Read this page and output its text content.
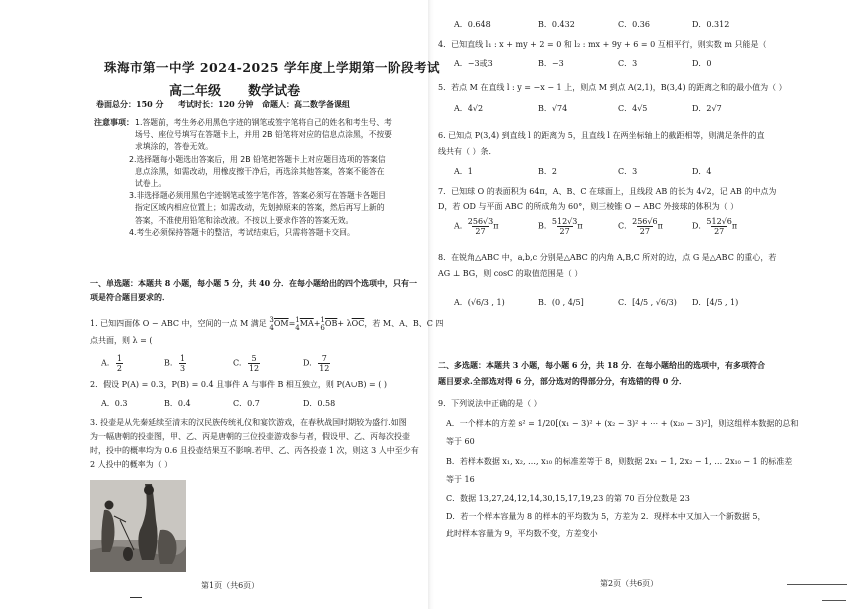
珠海市第一中学 2024-2025 学年度上学期第一阶段考试
高二年级      数学试卷
卷面总分：150 分 考试时长：120 分钟 命题人：高二数学备课组
注意事项： 1.答题前，考生务必用黑色字迹的钢笔或签字笔将自己的姓名和考生号、考

场号、座位号填写在答题卡上，并用 2B 铅笔将对应的信息点涂黑，不按要

求填涂的，答卷无效。

2.选择题每小题选出答案后，用 2B 铅笔把答题卡上对应题目选项的答案信

息点涂黑，如需改动，用橡皮擦干净后，再选涂其他答案，答案不能答在

试卷上。

3.非选择题必须用黑色字迹钢笔或签字笔作答，答案必须写在答题卡各题目

指定区域内相应位置上；如需改动，先划掉原来的答案，然后再写上新的

答案，不准使用铅笔和涂改液。不按以上要求作答的答案无效。

4.考生必须保持答题卡的整洁，考试结束后，只需将答题卡交回。

一、单选题：本题共 8 小题，每小题 5 分，共 40 分．在每小题给出的四个选项中，只有一
项是符合题目要求的．
1. 已知四面体 O − ABC 中，空间的一点 M 满足 3
$4\overline{OM}=1$
$4\overline{MA}+1$
$6\overline{OB}+ \lambda\overline{OC}$，若 M、A、B、C 四
点共面，则 λ = (
A. $\frac{1}{2}$	B. $\frac{1}{3}$	C. $\frac{5}{12}$	D. $\frac{7}{12}$
2．假设 P(A) = 0.3，P(B) = 0.4 且事件 A 与事件 B 相互独立，则 P(A∪B) = ( )
A．0.3	B．0.4	C．0.7	D．0.58
3. 投壶是从先秦延续至清末的汉民族传统礼仪和宴饮游戏，在春秋战国时期较为盛行.如图
为一幅唐朝的投壶图，甲、乙、丙是唐朝的三位投壶游戏参与者，假设甲、乙、丙每次投壶
时，投中的概率均为 0.6 且投壶结果互不影响.若甲、乙、丙各投壶 1 次，则这 3 人中至少有
2 人投中的概率为（ ）
第1页（共6页）
A．0.648	B．0.432	C．0.36	D．0.312
4．已知直线 l₁ : x + my + 2 = 0 和 l₂ : mx + 9y + 6 = 0 互相平行，则实数 m 只能是（
A．−3或3	B．−3	C．3	D．0
5．若点 M 在直线 l : y = −x − 1 上，则点 M 到点 A(2,1)，B(3,4) 的距离之和的最小值为（ ）
A．4√2	B．√74	C．4√5	D．2√7
6. 已知点 P(3,4) 到直线 l 的距离为 5，且直线 l 在两坐标轴上的截距相等，则满足条件的直
线共有（ ）条．
A．1	B．2	C．3	D．4
7．已知球 O 的表面积为 64π，A、B、C 在球面上，且线段 AB 的长为 4√2，记 AB 的中点为
D，若 OD 与平面 ABC 的所成角为 60°，则三棱锥 O − ABC 外接球的体积为（ ）
A．$\frac{256√3}{27}\pi$	B．$\frac{512√3}{27}\pi$	C．$\frac{256√6}{27}\pi$	D．$\frac{512√6}{27}\pi$
8．在锐角△ABC 中，a,b,c 分别是△ABC 的内角 A,B,C 所对的边，点 G 是△ABC 的重心，若
AG ⊥ BG，则 cosC 的取值范围是（ ）
A．(√6/3 , 1)	B．(0 , 4/5]	C．[4/5 , √6/3) D．[4/5 , 1)
二、多选题：本题共 3 小题，每小题 6 分，共 18 分．在每小题给出的选项中，有多项符合
题目要求.全部选对得 6 分，部分选对的得部分分，有选错的得 0 分．
9．下列说法中正确的是（ ）
A．一个样本的方差 s² = 1/20[(x₁ − 3)² + (x₂ − 3)² + ⋯ + (x₂₀ − 3)²]，则这组样本数据的总和
等于 60
B．若样本数据 x₁, x₂, …, x₁₀ 的标准差等于 8，则数据 2x₁ − 1, 2x₂ − 1, … 2x₁₀ − 1 的标准差
等于 16
C．数据 13,27,24,12,14,30,15,17,19,23 的第 70 百分位数是 23
D．若一个样本容量为 8 的样本的平均数为 5，方差为 2．现样本中又加入一个新数据 5，
此时样本容量为 9，平均数不变，方差变小
第2页（共6页）
